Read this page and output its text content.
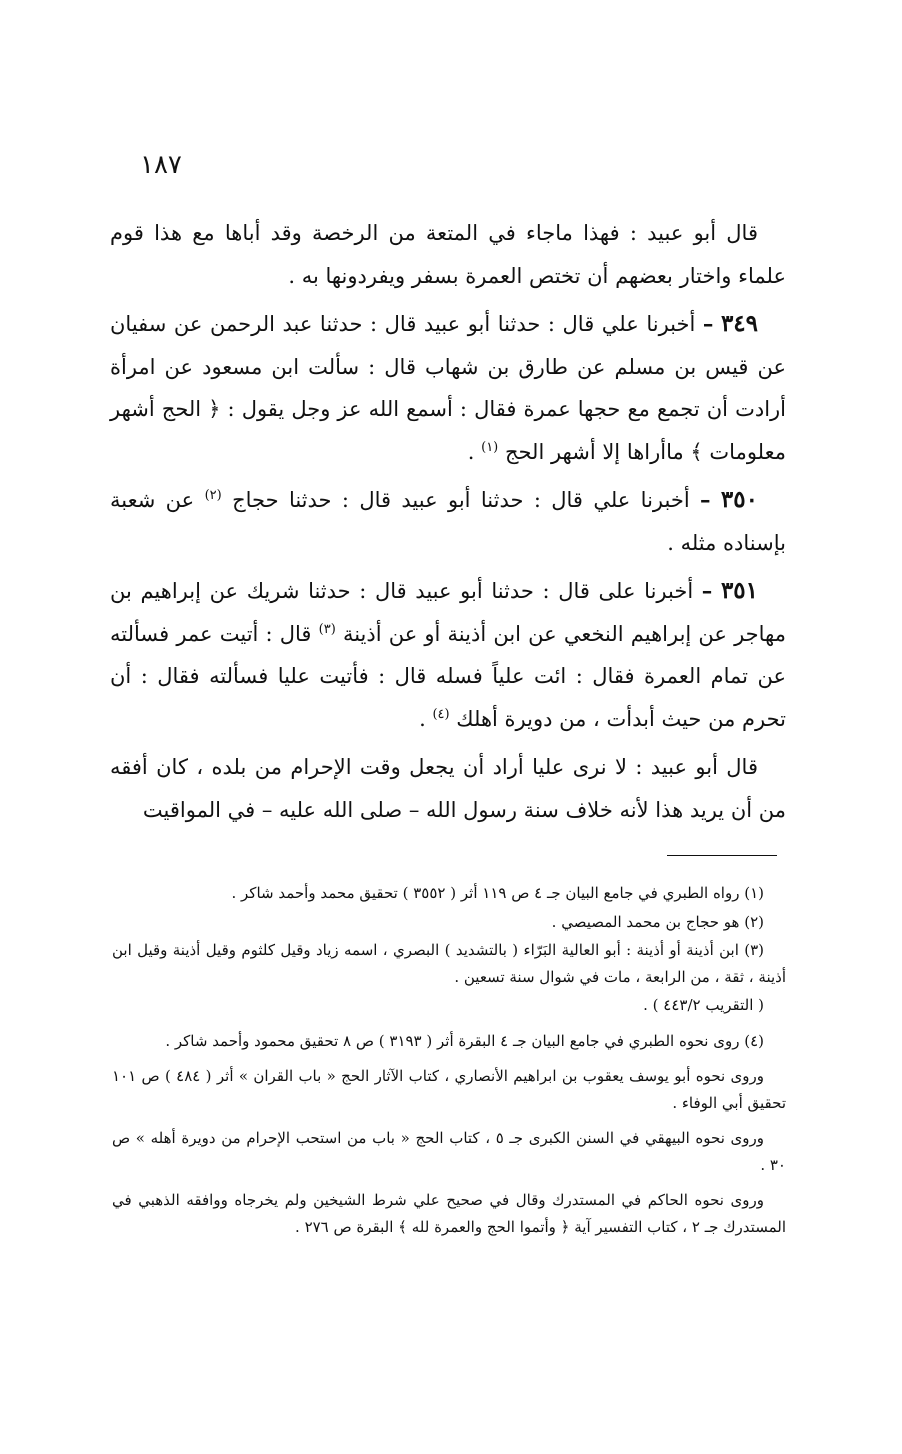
١٨٧

قال أبو عبيد : فهذا ماجاء في المتعة من الرخصة وقد أباها مع هذا قوم علماء واختار بعضهم أن تختص العمرة بسفر ويفردونها به .

٣٤٩ – أخبرنا علي قال : حدثنا أبو عبيد قال : حدثنا عبد الرحمن عن سفيان عن قيس بن مسلم عن طارق بن شهاب قال : سألت ابن مسعود عن امرأة أرادت أن تجمع مع حجها عمرة فقال : أسمع الله عز وجل يقول : ﴿ الحج أشهر معلومات ﴾ ماأراها إلا أشهر الحج $^{(١)}$ .

٣٥٠ – أخبرنا علي قال : حدثنا أبو عبيد قال : حدثنا حجاج $^{(٢)}$ عن شعبة بإسناده مثله .

٣٥١ – أخبرنا على قال : حدثنا أبو عبيد قال : حدثنا شريك عن إبراهيم بن مهاجر عن إبراهيم النخعي عن ابن أذينة أو عن أذينة $^{(٣)}$ قال : أتيت عمر فسألته عن تمام العمرة فقال : ائت علياً فسله قال : فأتيت عليا فسألته فقال : أن تحرم من حيث أبدأت ، من دويرة أهلك $^{(٤)}$ .

قال أبو عبيد : لا نرى عليا أراد أن يجعل وقت الإحرام من بلده ، كان أفقه من أن يريد هذا لأنه خلاف سنة رسول الله – صلى الله عليه – في المواقيت

(١) رواه الطبري في جامع البيان جـ ٤ ص ١١٩ أثر ( ٣٥٥٢ ) تحقيق محمد وأحمد شاكر .

(٢) هو حجاج بن محمد المصيصي .

(٣) ابن أذينة أو أذينة : أبو العالية البَرّاء ( بالتشديد ) البصري ، اسمه زياد وقيل كلثوم وقيل أذينة وقيل ابن أذينة ، ثقة ، من الرابعة ، مات في شوال سنة تسعين .

( التقريب ٤٤٣/٢ ) .

(٤) روى نحوه الطبري في جامع البيان جـ ٤ البقرة أثر ( ٣١٩٣ ) ص ٨ تحقيق محمود وأحمد شاكر .

وروى نحوه أبو يوسف يعقوب بن ابراهيم الأنصاري ، كتاب الآثار الحج « باب القران » أثر ( ٤٨٤ ) ص ١٠١ تحقيق أبي الوفاء .

وروى نحوه البيهقي في السنن الكبرى جـ ٥ ، كتاب الحج « باب من استحب الإحرام من دويرة أهله » ص ٣٠ .

وروى نحوه الحاكم في المستدرك وقال في صحيح علي شرط الشيخين ولم يخرجاه ووافقه الذهبي في المستدرك جـ ٢ ، كتاب التفسير آية ﴿ وأتموا الحج والعمرة لله ﴾ البقرة ص ٢٧٦ .
